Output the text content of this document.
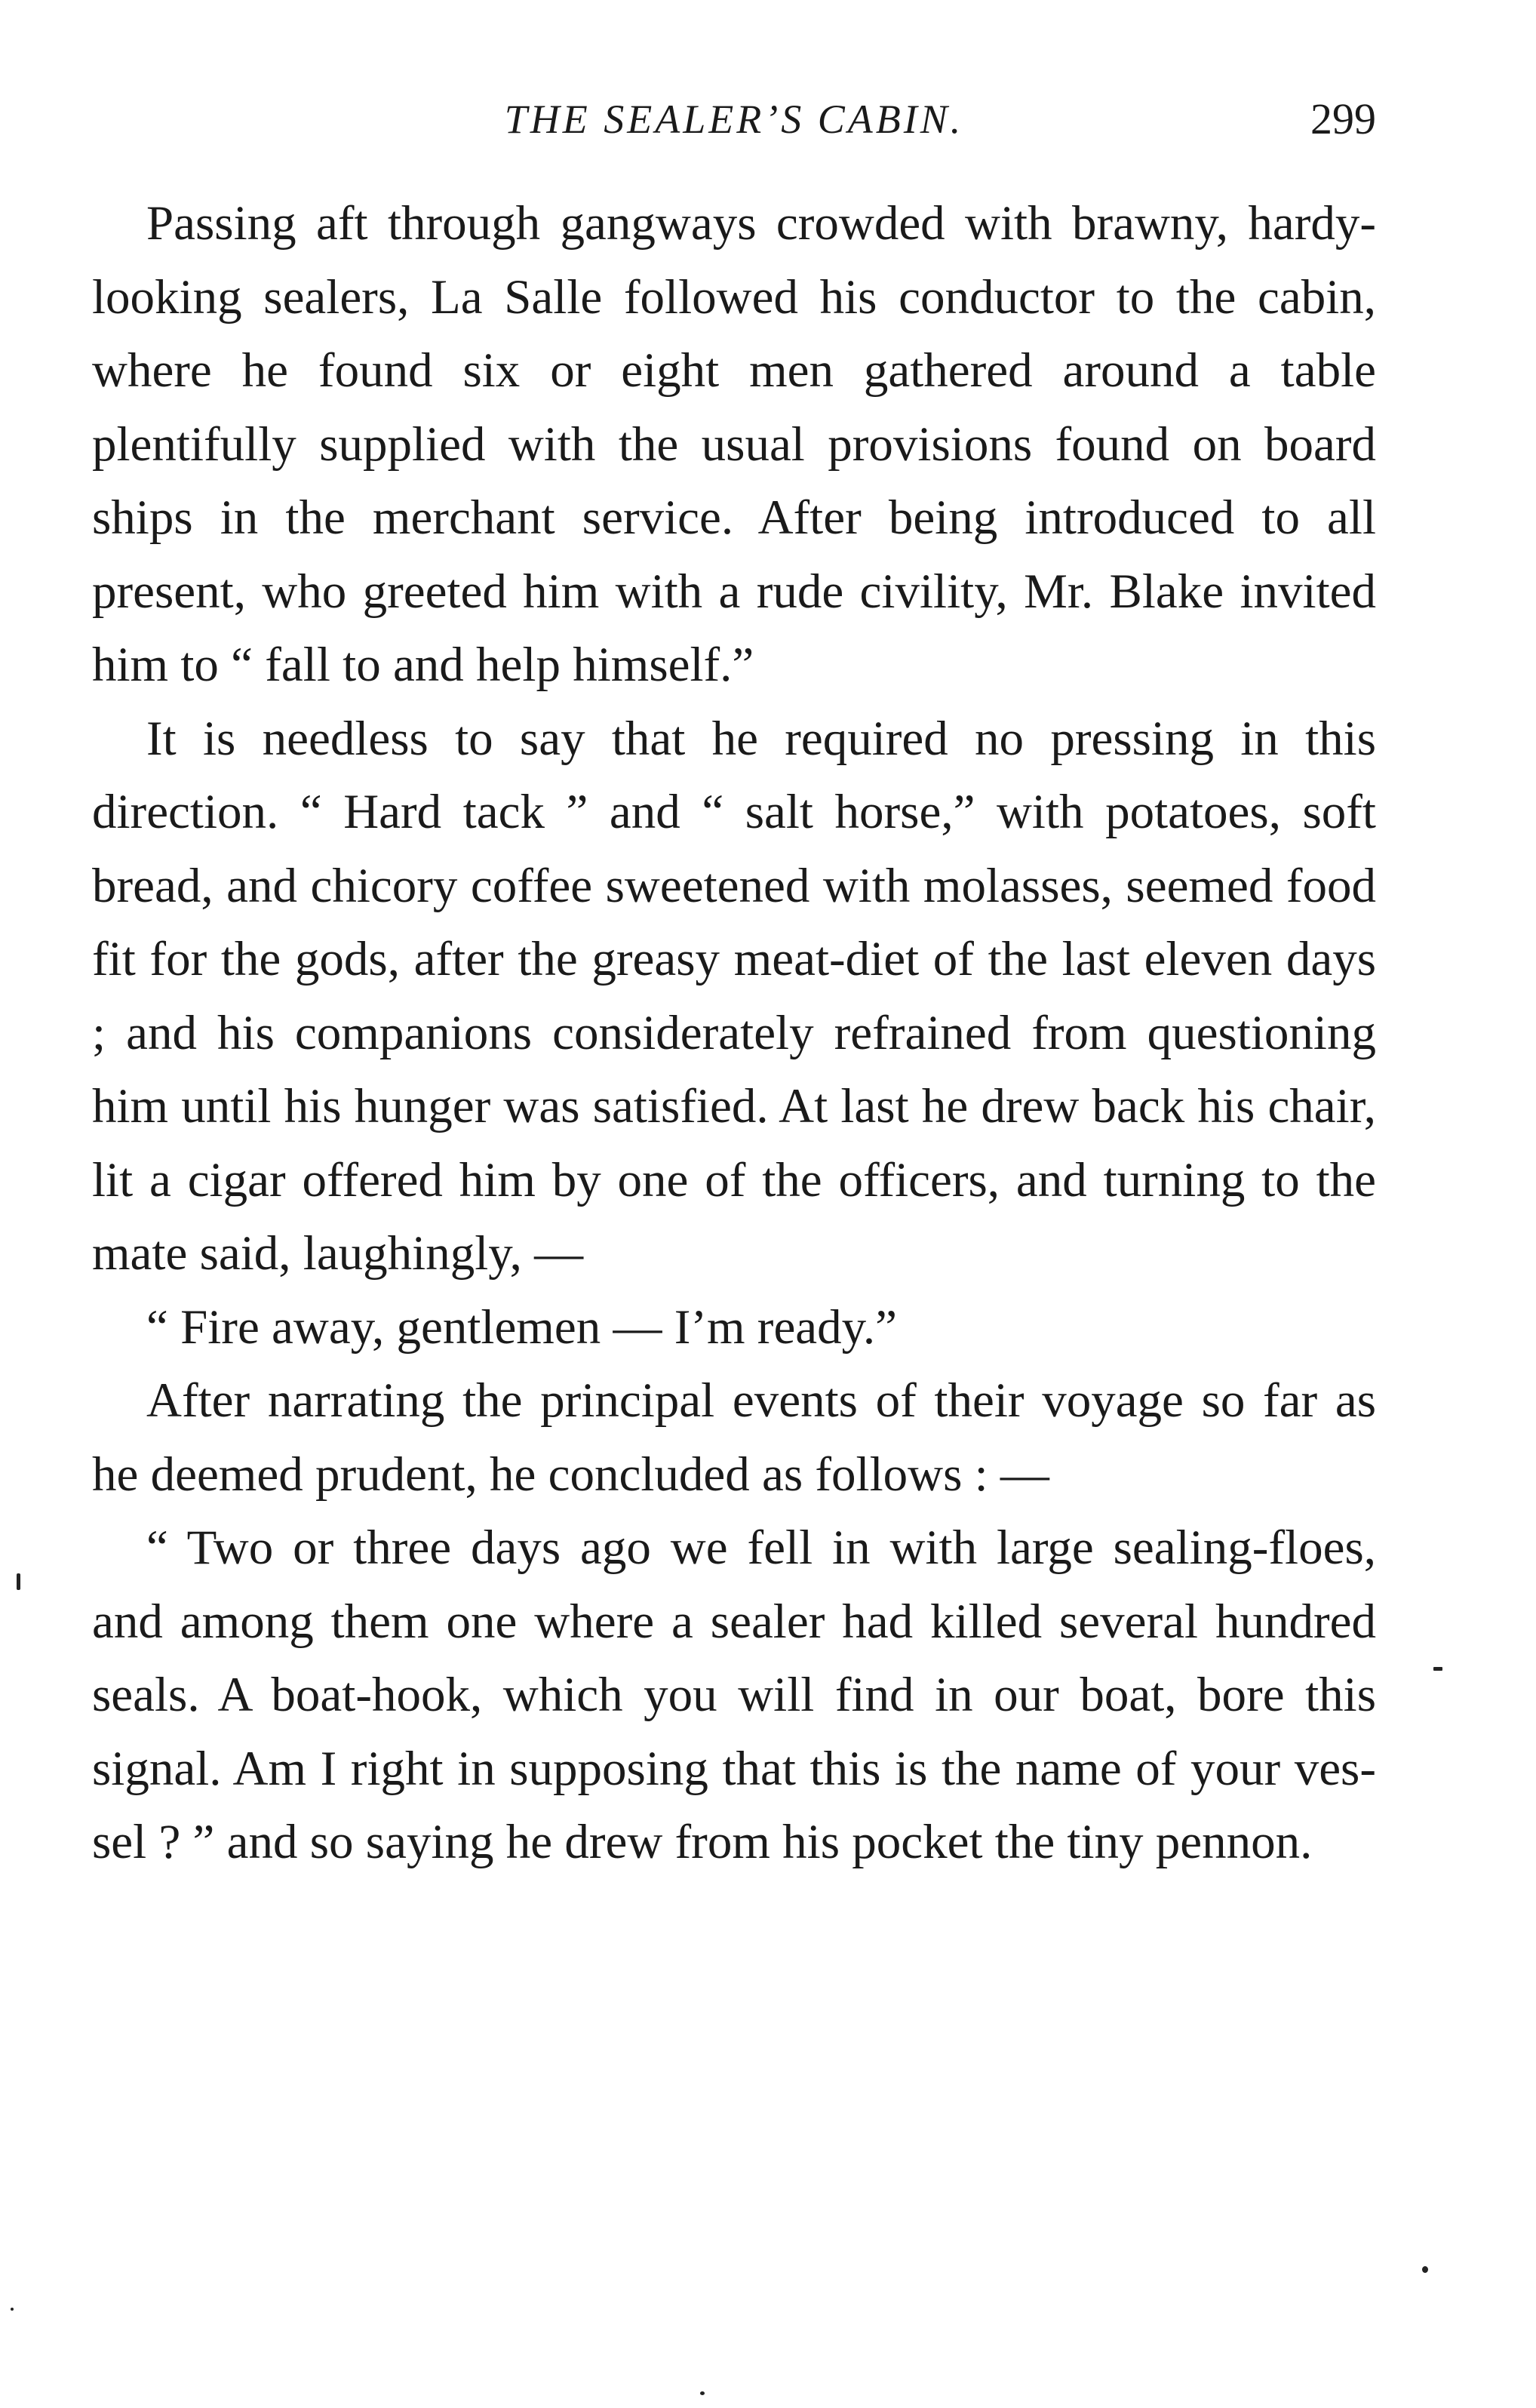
THE SEALER’S CABIN.	299

Passing aft through gangways crowded with brawny, hardy-looking sealers, La Salle followed his conductor to the cabin, where he found six or eight men gathered around a table plentifully supplied with the usual provisions found on board ships in the merchant service. After being introduced to all present, who greeted him with a rude civility, Mr. Blake invited him to “ fall to and help himself.”

It is needless to say that he required no pressing in this direction. “ Hard tack ” and “ salt horse,” with potatoes, soft bread, and chicory coffee sweetened with molasses, seemed food fit for the gods, after the greasy meat-diet of the last eleven days ; and his companions considerately refrained from questioning him until his hunger was satisfied. At last he drew back his chair, lit a cigar offered him by one of the officers, and turning to the mate said, laughingly, —

“ Fire away, gentlemen — I’m ready.”

After narrating the principal events of their voyage so far as he deemed prudent, he concluded as follows : —

“ Two or three days ago we fell in with large sealing-floes, and among them one where a sealer had killed several hundred seals. A boat-hook, which you will find in our boat, bore this signal. Am I right in supposing that this is the name of your vessel ? ” and so saying he drew from his pocket the tiny pennon.
